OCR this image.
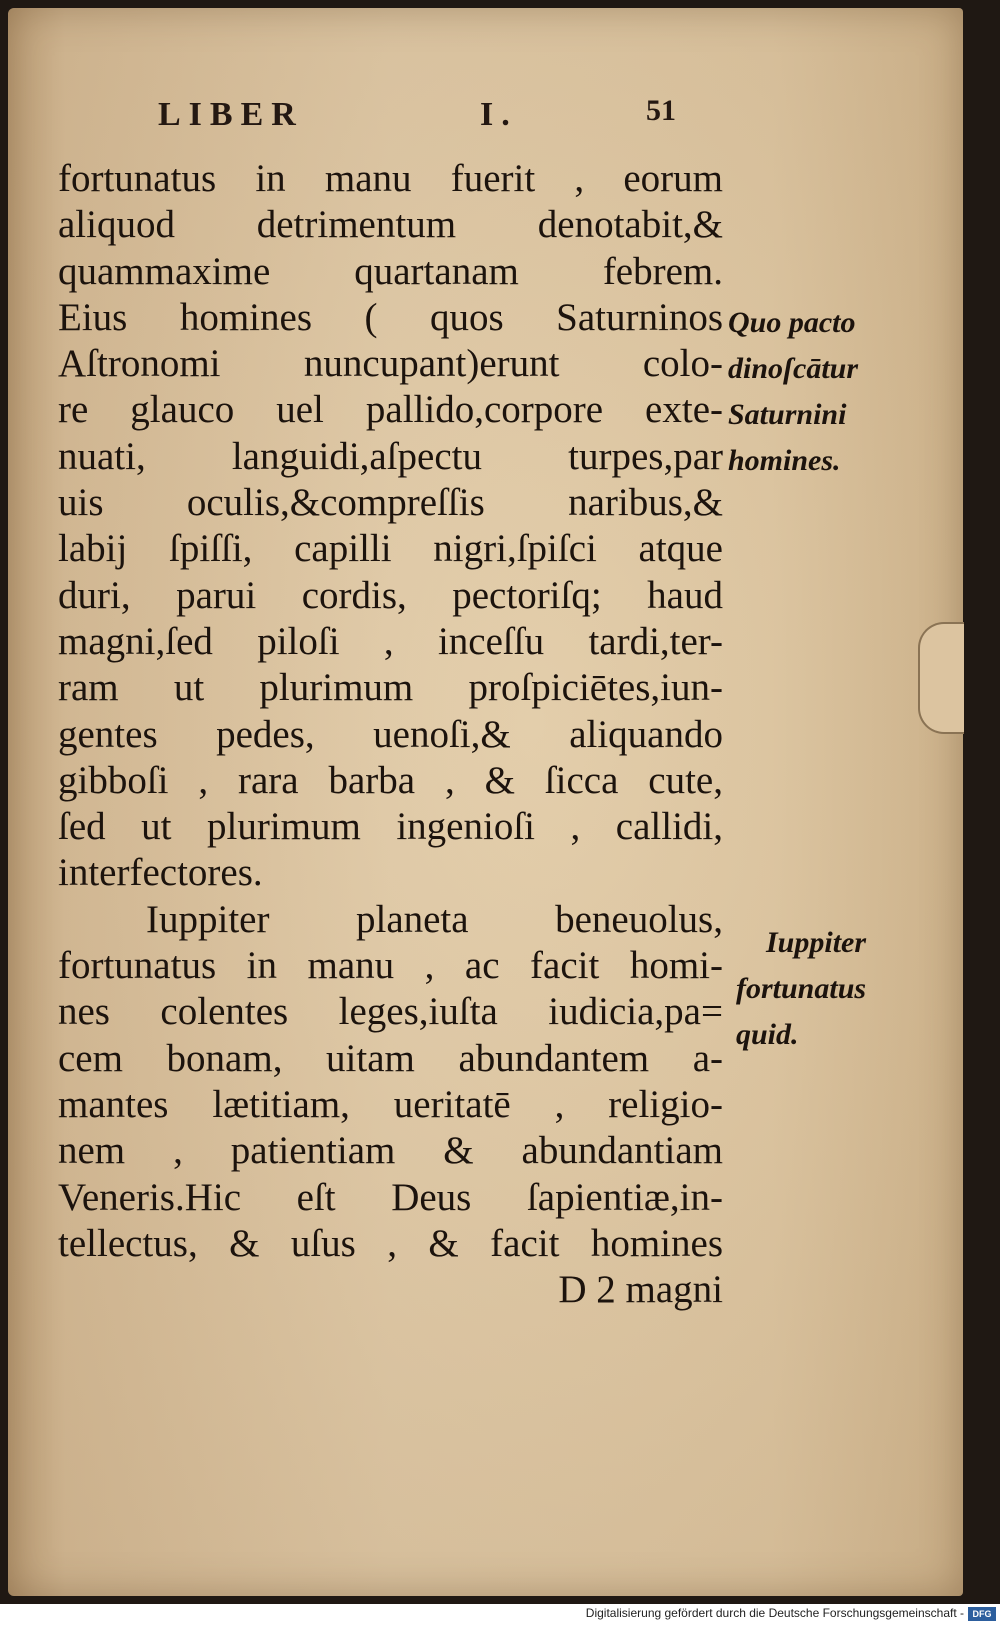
LIBER	I.	51
fortunatus in manu fuerit , eorum
aliquod detrimentum denotabit,&
quammaxime quartanam febrem.
Eius homines ( quos Saturninos
Aſtronomi nuncupant)erunt colo-
re glauco uel pallido,corpore exte-
nuati, languidi,aſpectu turpes,par
uis oculis,&compreſſis naribus,&
labij ſpiſſi, capilli nigri,ſpiſci atque
duri, parui cordis, pectoriſq; haud
magni,ſed piloſi , inceſſu tardi,ter-
ram ut plurimum proſpiciētes,iun-
gentes pedes, uenoſi,& aliquando
gibboſi , rara barba , & ſicca cute,
ſed ut plurimum ingenioſi , callidi,
interfectores.
Iuppiter planeta beneuolus,
fortunatus in manu , ac facit homi-
nes colentes leges,iuſta iudicia,pa=
cem bonam, uitam abundantem a-
mantes lætitiam, ueritatē , religio-
nem , patientiam & abundantiam
Veneris.Hic eſt Deus ſapientiæ,in-
tellectus, & uſus , & facit homines
D 2 magni
Quo pacto
dinoſcātur
Saturnini
homines.
Iuppiter
fortunatus
quid.
Digitalisierung gefördert durch die Deutsche Forschungsgemeinschaft - DFG
